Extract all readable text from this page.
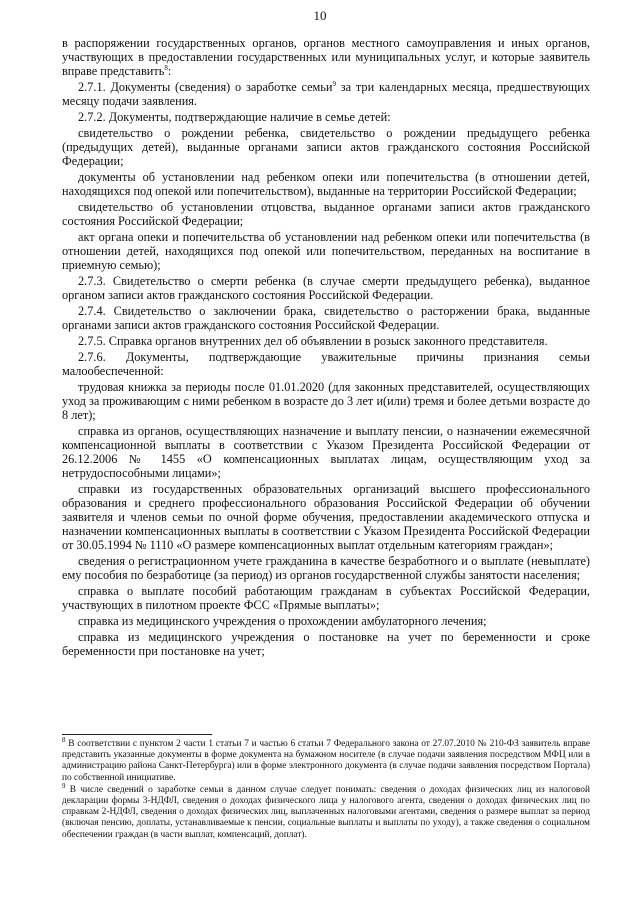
10

в распоряжении государственных органов, органов местного самоуправления и иных органов, участвующих в предоставлении государственных или муниципальных услуг, и которые заявитель вправе представить$^8$:

2.7.1. Документы (сведения) о заработке семьи$^9$ за три календарных месяца, предшествующих месяцу подачи заявления.

2.7.2. Документы, подтверждающие наличие в семье детей:

свидетельство о рождении ребенка, свидетельство о рождении предыдущего ребенка (предыдущих детей), выданные органами записи актов гражданского состояния Российской Федерации;

документы об установлении над ребенком опеки или попечительства (в отношении детей, находящихся под опекой или попечительством), выданные на территории Российской Федерации;

свидетельство об установлении отцовства, выданное органами записи актов гражданского состояния Российской Федерации;

акт органа опеки и попечительства об установлении над ребенком опеки или попечительства (в отношении детей, находящихся под опекой или попечительством, переданных на воспитание в приемную семью);

2.7.3. Свидетельство о смерти ребенка (в случае смерти предыдущего ребенка), выданное органом записи актов гражданского состояния Российской Федерации.

2.7.4. Свидетельство о заключении брака, свидетельство о расторжении брака, выданные органами записи актов гражданского состояния Российской Федерации.

2.7.5. Справка органов внутренних дел об объявлении в розыск законного представителя.

2.7.6. Документы, подтверждающие уважительные причины признания семьи малообеспеченной:

трудовая книжка за периоды после 01.01.2020 (для законных представителей, осуществляющих уход за проживающим с ними ребенком в возрасте до 3 лет и(или) тремя и более детьми возрасте до 8 лет);

справка из органов, осуществляющих назначение и выплату пенсии, о назначении ежемесячной компенсационной выплаты в соответствии с Указом Президента Российской Федерации от 26.12.2006 № 1455 «О компенсационных выплатах лицам, осуществляющим уход за нетрудоспособными лицами»;

справки из государственных образовательных организаций высшего профессионального образования и среднего профессионального образования Российской Федерации об обучении заявителя и членов семьи по очной форме обучения, предоставлении академического отпуска и назначении компенсационных выплаты в соответствии с Указом Президента Российской Федерации от 30.05.1994 № 1110 «О размере компенсационных выплат отдельным категориям граждан»;

сведения о регистрационном учете гражданина в качестве безработного и о выплате (невыплате) ему пособия по безработице (за период) из органов государственной службы занятости населения;

справка о выплате пособий работающим гражданам в субъектах Российской Федерации, участвующих в пилотном проекте ФСС «Прямые выплаты»;

справка из медицинского учреждения о прохождении амбулаторного лечения;

справка из медицинского учреждения о постановке на учет по беременности и сроке беременности при постановке на учет;

$^8$ В соответствии с пунктом 2 части 1 статьи 7 и частью 6 статьи 7 Федерального закона от 27.07.2010 № 210-ФЗ заявитель вправе представить указанные документы в форме документа на бумажном носителе (в случае подачи заявления посредством МФЦ или в администрацию района Санкт-Петербурга) или в форме электронного документа (в случае подачи заявления посредством Портала) по собственной инициативе.

$^9$ В числе сведений о заработке семьи в данном случае следует понимать: сведения о доходах физических лиц из налоговой декларации формы 3-НДФЛ, сведения о доходах физического лица у налогового агента, сведения о доходах физических лиц по справкам 2-НДФЛ, сведения о доходах физических лиц, выплаченных налоговыми агентами, сведения о размере выплат за период (включая пенсию, доплаты, устанавливаемые к пенсии, социальные выплаты и выплаты по уходу), а также сведения о социальном обеспечении граждан (в части выплат, компенсаций, доплат).
